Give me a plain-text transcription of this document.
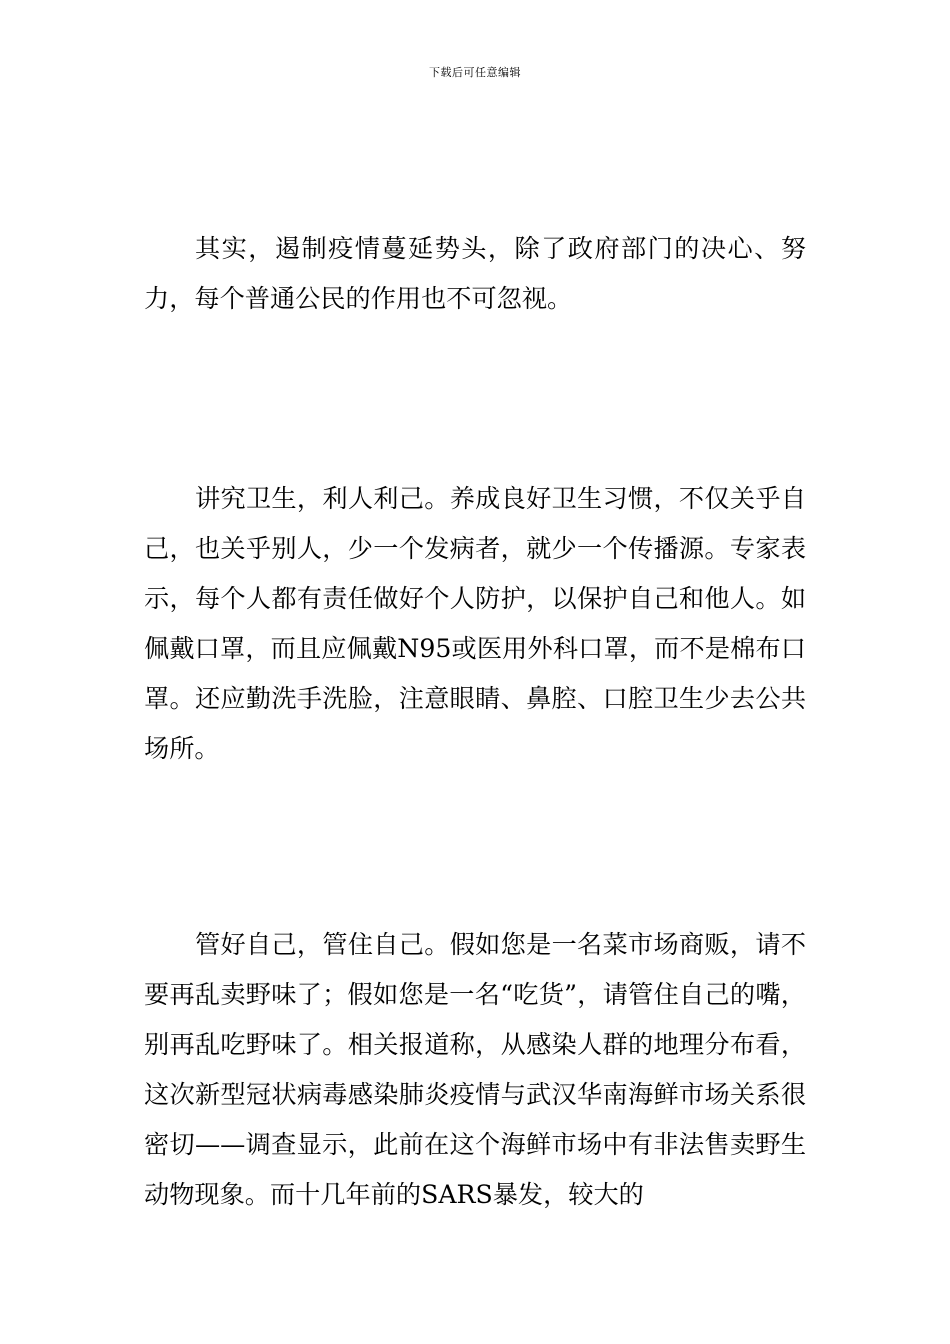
下载后可任意编辑

其实，遏制疫情蔓延势头，除了政府部门的决心、努力，每个普通公民的作用也不可忽视。

讲究卫生，利人利己。养成良好卫生习惯，不仅关乎自己，也关乎别人，少一个发病者，就少一个传播源。专家表示，每个人都有责任做好个人防护，以保护自己和他人。如佩戴口罩，而且应佩戴N95或医用外科口罩，而不是棉布口罩。还应勤洗手洗脸，注意眼睛、鼻腔、口腔卫生少去公共场所。

管好自己，管住自己。假如您是一名菜市场商贩，请不要再乱卖野味了；假如您是一名“吃货”，请管住自己的嘴，别再乱吃野味了。相关报道称，从感染人群的地理分布看，这次新型冠状病毒感染肺炎疫情与武汉华南海鲜市场关系很密切——调查显示，此前在这个海鲜市场中有非法售卖野生动物现象。而十几年前的SARS暴发，较大的
